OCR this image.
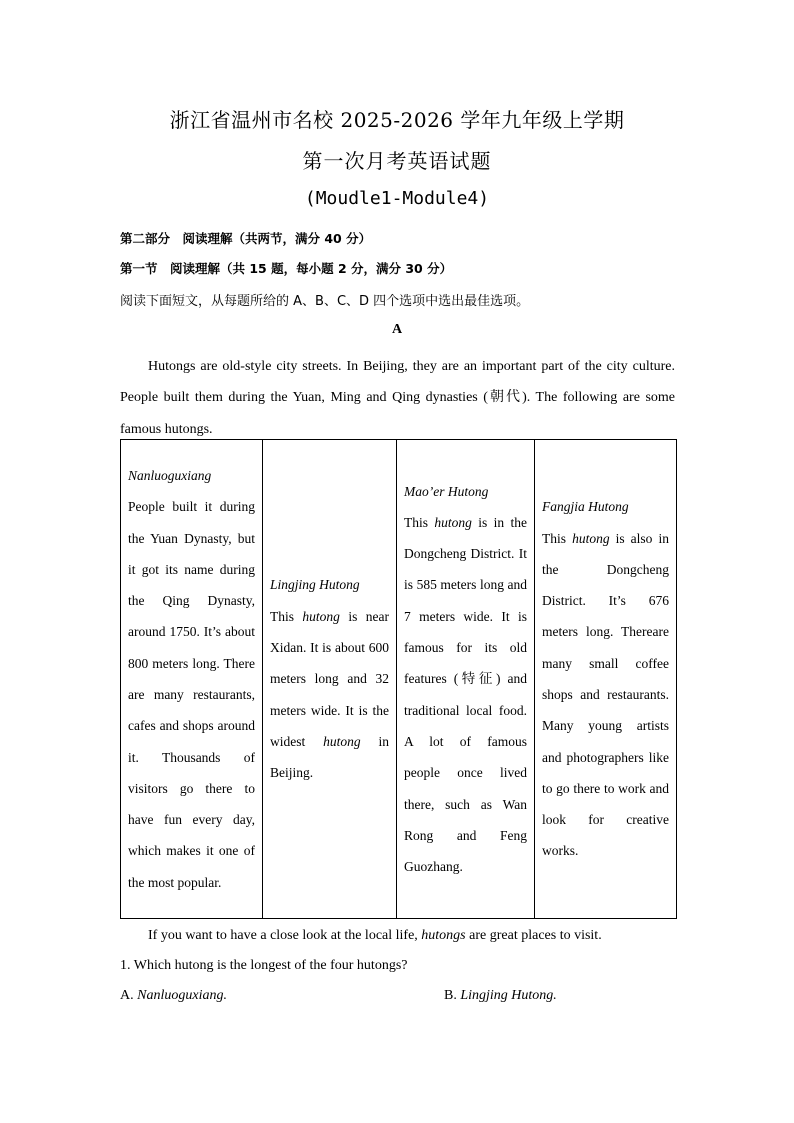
浙江省温州市名校 2025-2026 学年九年级上学期
第一次月考英语试题
(Moudle1-Module4)
第二部分　阅读理解（共两节，满分 40 分）
第一节　阅读理解（共 15 题，每小题 2 分，满分 30 分）
阅读下面短文，从每题所给的 A、B、C、D 四个选项中选出最佳选项。
A
Hutongs are old-style city streets. In Beijing, they are an important part of the city culture. People built them during the Yuan, Ming and Qing dynasties (朝代). The following are some famous hutongs.
Nanluoguxiang
People built it during the Yuan Dynasty, but it got its name during the Qing Dynasty, around 1750. It’s about 800 meters long. There are many restaurants, cafes and shops around it. Thousands of visitors go there to have fun every day, which makes it one of the most popular.	
Lingjing Hutong
This hutong is near Xidan. It is about 600 meters long and 32 meters wide. It is the widest hutong in Beijing.	
Mao’er Hutong
This hutong is in the Dongcheng District. It is 585 meters long and 7 meters wide. It is famous for its old features (特征) and traditional local food. A lot of famous people once lived there, such as Wan Rong and Feng Guozhang.	
Fangjia Hutong
This hutong is also in the Dongcheng District. It’s 676 meters long. Thereare many small coffee shops and restaurants. Many young artists and photographers like to go there to work and look for creative works.
If you want to have a close look at the local life, hutongs are great places to visit.
1. Which hutong is the longest of the four hutongs?
A. Nanluoguxiang.	B. Lingjing Hutong.
